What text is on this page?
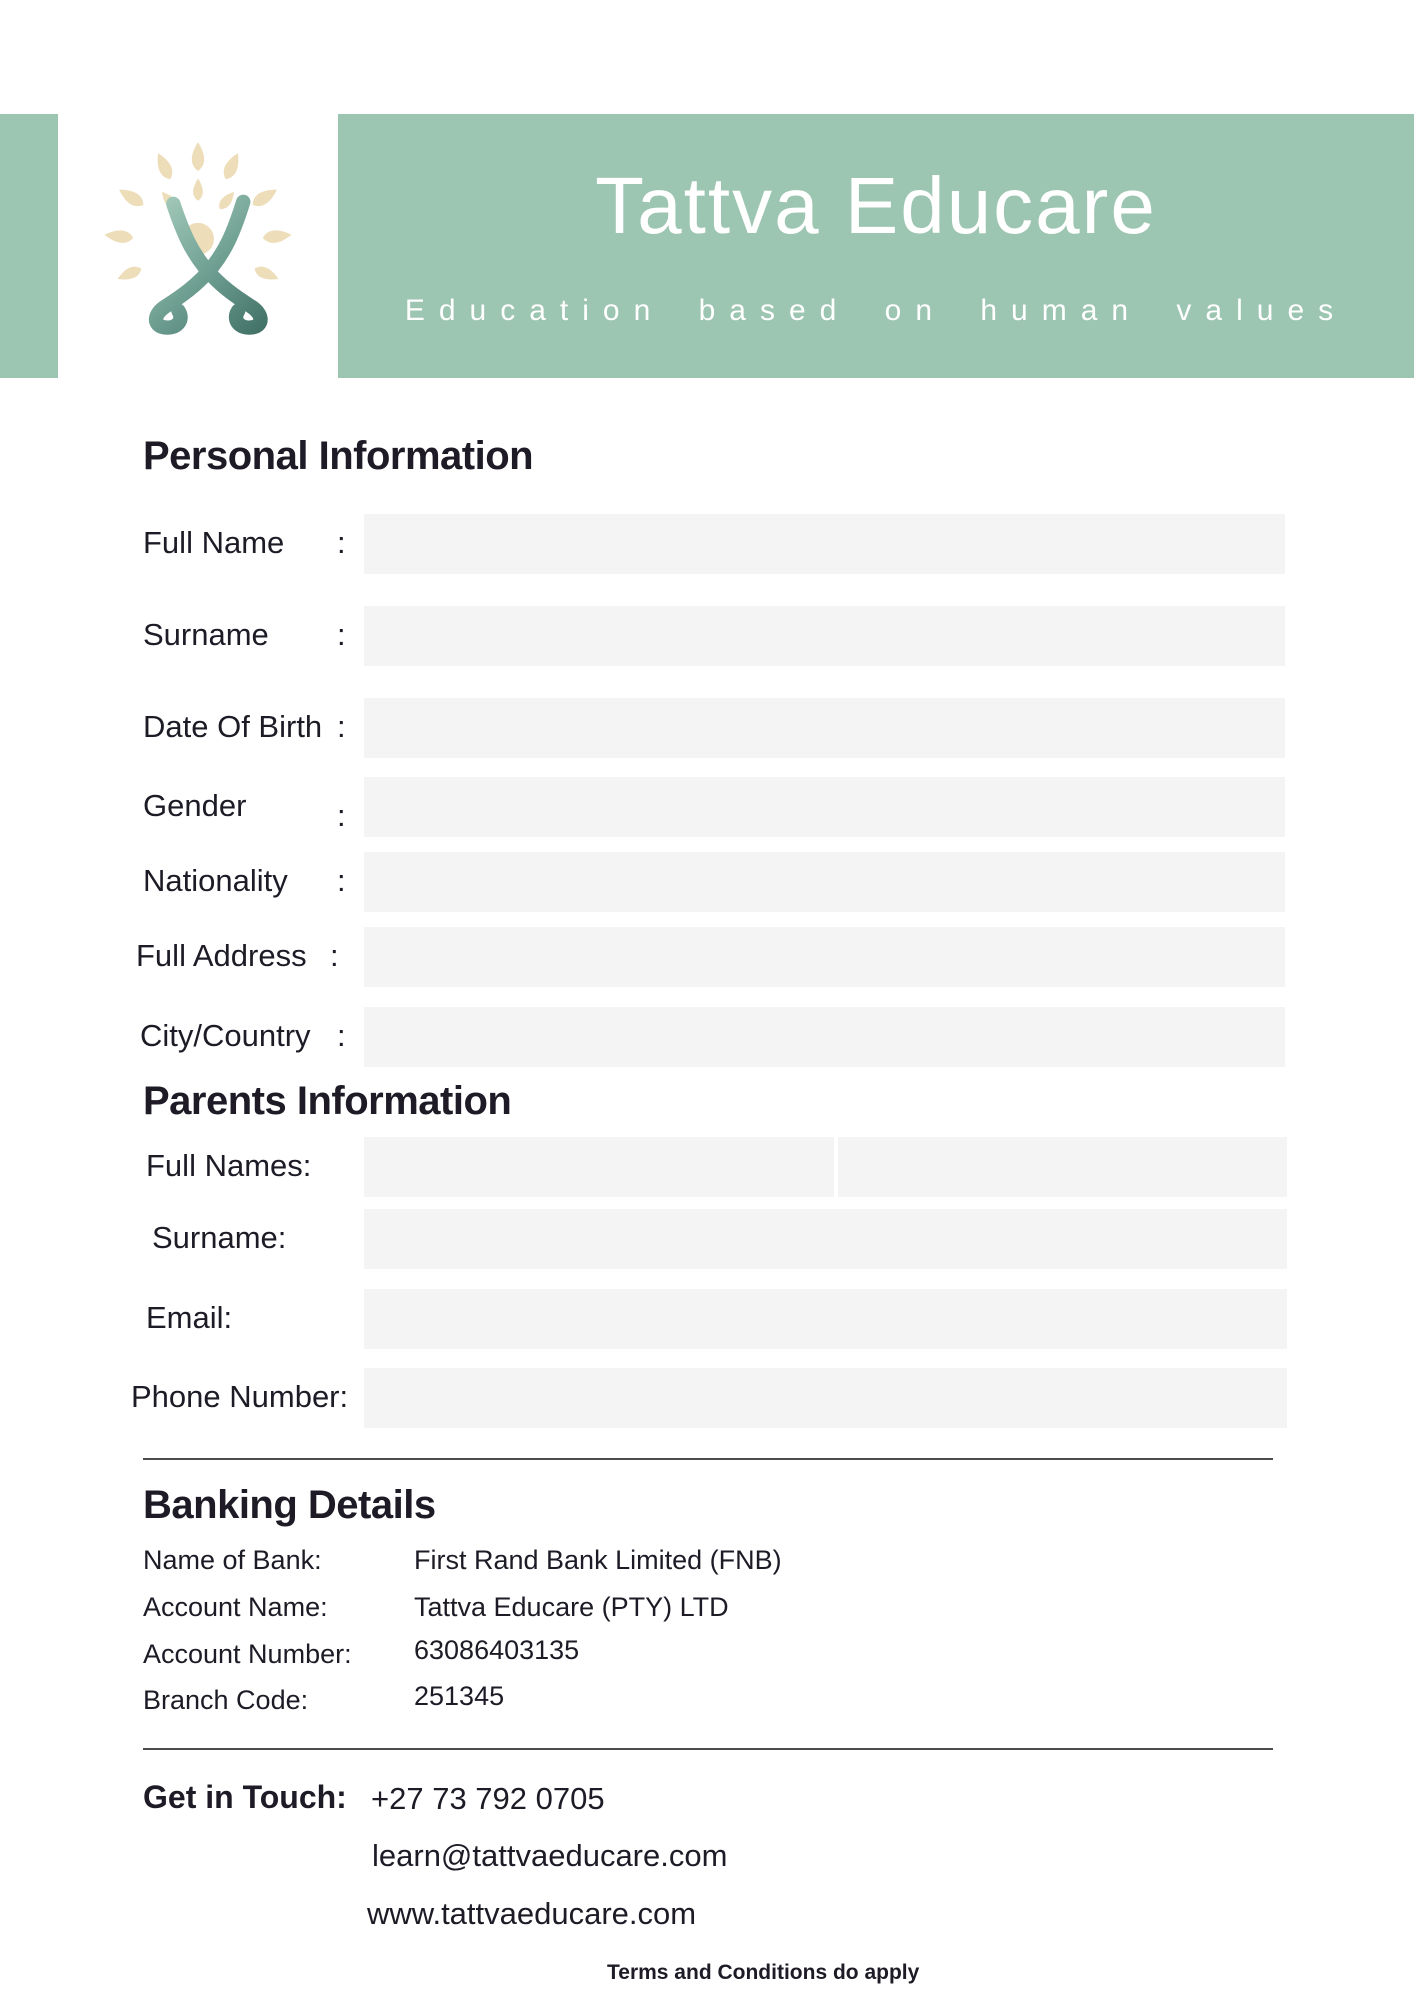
Tattva Educare
Education based on human values
Personal Information
Full Name :
Surname :
Date Of Birth :
Gender	:
Nationality :
Full Address :
City/Country :
Parents Information
Full Names:
Surname:
Email:
Phone Number:
Banking Details
Name of Bank:	First Rand Bank Limited (FNB)
Account Name:	Tattva Educare (PTY) LTD
Account Number: 63086403135
Branch Code:	251345
Get in Touch: +27 73 792 0705
learn@tattvaeducare.com
www.tattvaeducare.com
Terms and Conditions do apply
